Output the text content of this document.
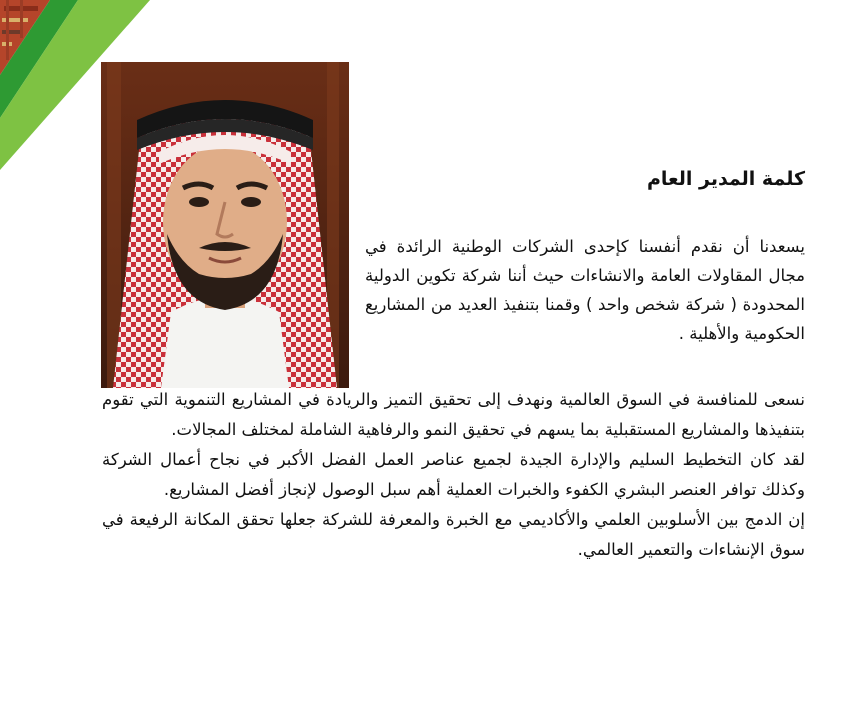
كلمة المدير العام

يسعدنا أن نقدم أنفسنا كإحدى الشركات الوطنية الرائدة في مجال المقاولات العامة والانشاءات حيث أننا شركة تكوين الدولية المحدودة ( شركة شخص واحد ) وقمنا بتنفيذ العديد من المشاريع الحكومية والأهلية .

نسعى للمنافسة في السوق العالمية ونهدف إلى تحقيق التميز والريادة في المشاريع التنموية التي تقوم بتنفيذها والمشاريع المستقبلية بما يسهم في تحقيق النمو والرفاهية الشاملة لمختلف المجالات.

لقد كان التخطيط السليم والإدارة الجيدة لجميع عناصر العمل الفضل الأكبر في نجاح أعمال الشركة وكذلك توافر العنصر البشري الكفوء والخبرات العملية أهم سبل الوصول لإنجاز أفضل المشاريع.

إن الدمج بين الأسلوبين العلمي والأكاديمي مع الخبرة والمعرفة للشركة جعلها تحقق المكانة الرفيعة في سوق الإنشاءات والتعمير العالمي.
